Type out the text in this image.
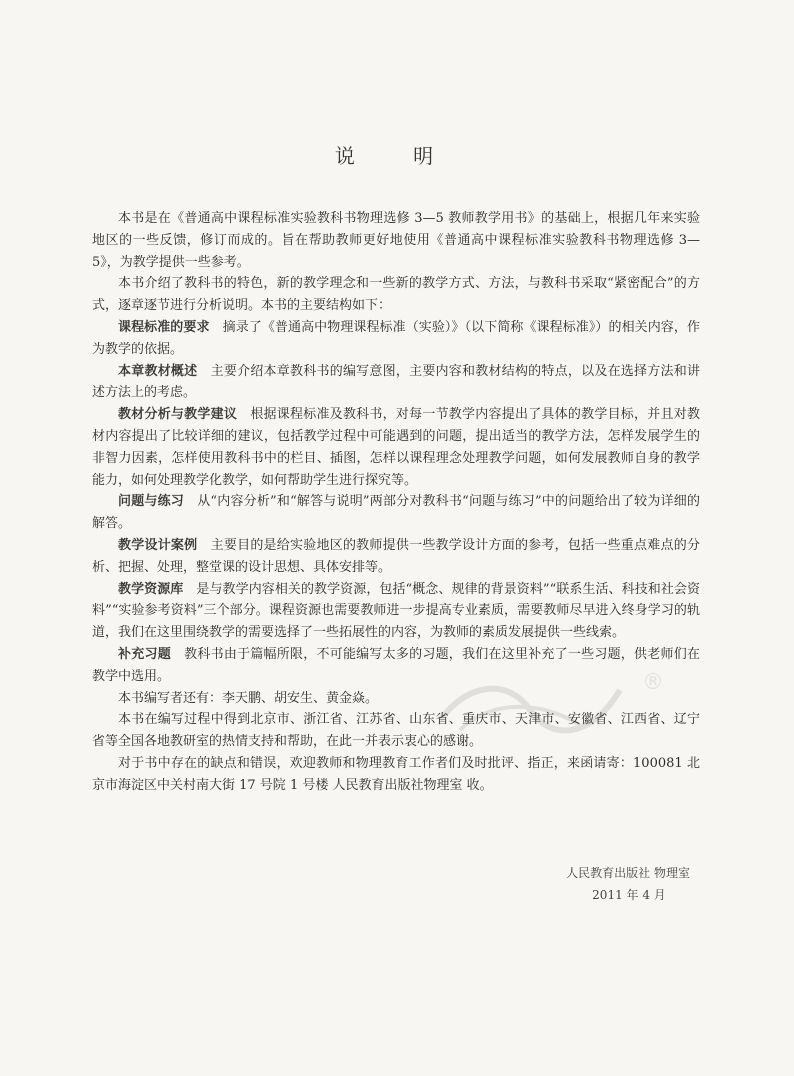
说 明

本书是在《普通高中课程标准实验教科书物理选修 3—5 教师教学用书》的基础上，根据几年来实验地区的一些反馈，修订而成的。旨在帮助教师更好地使用《普通高中课程标准实验教科书物理选修 3—5》，为教学提供一些参考。

本书介绍了教科书的特色，新的教学理念和一些新的教学方式、方法，与教科书采取“紧密配合”的方式，逐章逐节进行分析说明。本书的主要结构如下：

课程标准的要求　 摘录了《普通高中物理课程标准（实验）》（以下简称《课程标准》）的相关内容，作为教学的依据。

本章教材概述　 主要介绍本章教科书的编写意图，主要内容和教材结构的特点，以及在选择方法和讲述方法上的考虑。

教材分析与教学建议　 根据课程标准及教科书，对每一节教学内容提出了具体的教学目标，并且对教材内容提出了比较详细的建议，包括教学过程中可能遇到的问题，提出适当的教学方法，怎样发展学生的非智力因素，怎样使用教科书中的栏目、插图，怎样以课程理念处理教学问题，如何发展教师自身的教学能力，如何处理教学化教学，如何帮助学生进行探究等。

问题与练习　 从“内容分析”和“解答与说明”两部分对教科书“问题与练习”中的问题给出了较为详细的解答。

教学设计案例　 主要目的是给实验地区的教师提供一些教学设计方面的参考，包括一些重点难点的分析、把握、处理，整堂课的设计思想、具体安排等。

教学资源库　 是与教学内容相关的教学资源，包括“概念、规律的背景资料”“联系生活、科技和社会资料”“实验参考资料”三个部分。课程资源也需要教师进一步提高专业素质，需要教师尽早进入终身学习的轨道，我们在这里围绕教学的需要选择了一些拓展性的内容，为教师的素质发展提供一些线索。

补充习题　 教科书由于篇幅所限，不可能编写太多的习题，我们在这里补充了一些习题，供老师们在教学中选用。

本书编写者还有：李天鹏、胡安生、黄金焱。

本书在编写过程中得到北京市、浙江省、江苏省、山东省、重庆市、天津市、安徽省、江西省、辽宁省等全国各地教研室的热情支持和帮助，在此一并表示衷心的感谢。

对于书中存在的缺点和错误，欢迎教师和物理教育工作者们及时批评、指正，来函请寄：100081 北京市海淀区中关村南大街 17 号院 1 号楼 人民教育出版社物理室 收。

®
人民教育出版社 物理室
2011 年 4 月
